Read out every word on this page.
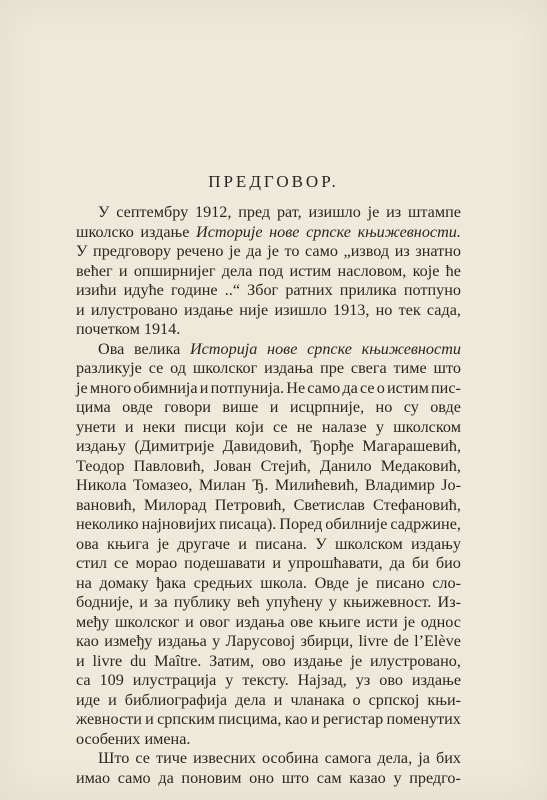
ПРЕДГОВОР.
У септембру 1912, пред рат, изишло је из штампе
школско издање Историје нове српске књижевности.
У предговору речено је да је то само „извод из знатно
већег и опширнијег дела под истим насловом, које ће
изићи идуће године ..“ Због ратних прилика потпуно
и илустровано издање није изишло 1913, но тек сада,
почетком 1914.
Ова велика Историја нове српске књижевности
разликује се од школског издања пре свега тиме што
је много обимнија и потпунија. Не само да се о истим пис-
цима овде говори више и исцрпније, но су овде
унети и неки писци који се не налазе у школском
издању (Димитрије Давидовић, Ђорђе Магарашевић,
Теодор Павловић, Јован Стејић, Данило Медаковић,
Никола Томазео, Милан Ђ. Милићевић, Владимир Јо-
вановић, Милорад Петровић, Светислав Стефановић,
неколико најновијих писаца). Поред обилније садржине,
ова књига је другаче и писана. У школском издању
стил се морао подешавати и упрошћавати, да би био
на домаку ђака средњих школа. Овде је писано сло-
бодније, и за публику већ упућену у књижевност. Из-
међу школског и овог издања ове књиге исти је однос
као између издања у Ларусовој збирци, livre de l’Elève
и livre du Maître. Затим, ово издање је илустровано,
са 109 илустрација у тексту. Најзад, уз ово издање
иде и библиографија дела и чланака о српској књи-
жевности и српским писцима, као и регистар поменутих
особених имена.
Што се тиче извесних особина самога дела, ја бих
имао само да поновим оно што сам казао у предго-
